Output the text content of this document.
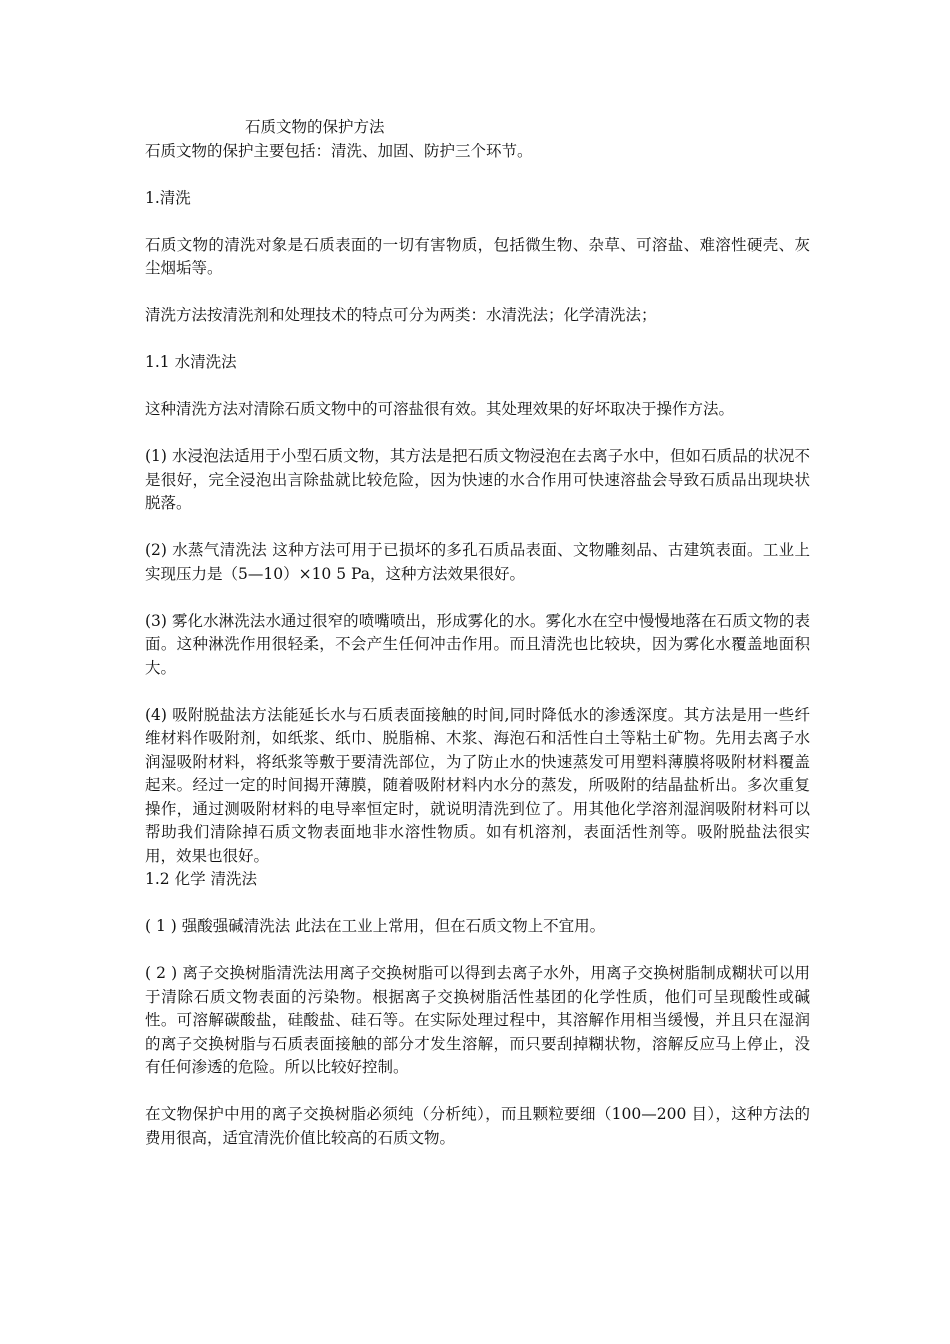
石质文物的保护方法

石质文物的保护主要包括：清洗、加固、防护三个环节。

1.清洗

石质文物的清洗对象是石质表面的一切有害物质，包括微生物、杂草、可溶盐、难溶性硬壳、灰尘烟垢等。

清洗方法按清洗剂和处理技术的特点可分为两类：水清洗法；化学清洗法；

1.1 水清洗法

这种清洗方法对清除石质文物中的可溶盐很有效。其处理效果的好坏取决于操作方法。

(1) 水浸泡法适用于小型石质文物，其方法是把石质文物浸泡在去离子水中，但如石质品的状况不是很好，完全浸泡出言除盐就比较危险，因为快速的水合作用可快速溶盐会导致石质品出现块状脱落。

(2) 水蒸气清洗法 这种方法可用于已损坏的多孔石质品表面、文物雕刻品、古建筑表面。工业上实现压力是（5—10）×10 5 Pa，这种方法效果很好。

(3) 雾化水淋洗法水通过很窄的喷嘴喷出，形成雾化的水。雾化水在空中慢慢地落在石质文物的表面。这种淋洗作用很轻柔，不会产生任何冲击作用。而且清洗也比较块，因为雾化水覆盖地面积大。

(4) 吸附脱盐法方法能延长水与石质表面接触的时间,同时降低水的渗透深度。其方法是用一些纤维材料作吸附剂，如纸浆、纸巾、脱脂棉、木浆、海泡石和活性白土等粘土矿物。先用去离子水润湿吸附材料，将纸浆等敷于要清洗部位，为了防止水的快速蒸发可用塑料薄膜将吸附材料覆盖起来。经过一定的时间揭开薄膜，随着吸附材料内水分的蒸发，所吸附的结晶盐析出。多次重复操作，通过测吸附材料的电导率恒定时，就说明清洗到位了。用其他化学溶剂湿润吸附材料可以帮助我们清除掉石质文物表面地非水溶性物质。如有机溶剂，表面活性剂等。吸附脱盐法很实用，效果也很好。

1.2 化学 清洗法

( 1 ) 强酸强碱清洗法 此法在工业上常用，但在石质文物上不宜用。

( 2 ) 离子交换树脂清洗法用离子交换树脂可以得到去离子水外，用离子交换树脂制成糊状可以用于清除石质文物表面的污染物。根据离子交换树脂活性基团的化学性质，他们可呈现酸性或碱性。可溶解碳酸盐，硅酸盐、硅石等。在实际处理过程中，其溶解作用相当缓慢，并且只在湿润的离子交换树脂与石质表面接触的部分才发生溶解，而只要刮掉糊状物，溶解反应马上停止，没有任何渗透的危险。所以比较好控制。

在文物保护中用的离子交换树脂必须纯（分析纯），而且颗粒要细（100—200 目），这种方法的费用很高，适宜清洗价值比较高的石质文物。
